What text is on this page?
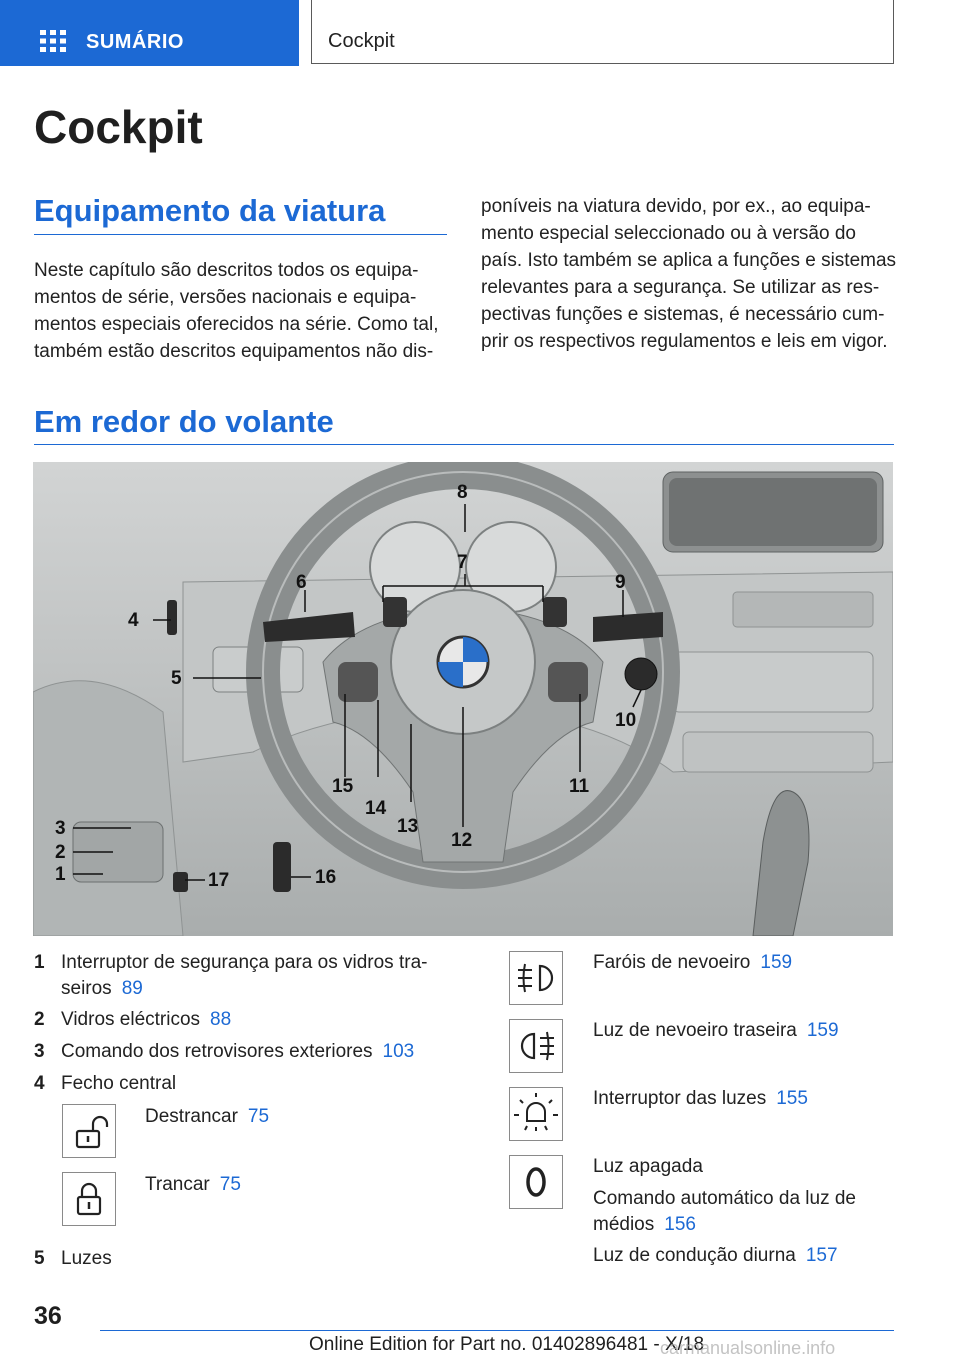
SUMÁRIO	Cockpit
Cockpit
Equipamento da viatura
Neste capítulo são descritos todos os equipa‐
mentos de série, versões nacionais e equipa‐
mentos especiais oferecidos na série. Como tal,
também estão descritos equipamentos não dis‐
poníveis na viatura devido, por ex., ao equipa‐
mento especial seleccionado ou à versão do
país. Isto também se aplica a funções e sistemas
relevantes para a segurança. Se utilizar as res‐
pectivas funções e sistemas, é necessário cum‐
prir os respectivos regulamentos e leis em vigor.
Em redor do volante
8
7
6	9
4
5
10
11
12
13
14
15
3
2
1	17	16
1 Interruptor de segurança para os vidros tra‐
seiros 89
2 Vidros eléctricos 88
3 Comando dos retrovisores exteriores 103
4 Fecho central
Destrancar 75
Trancar 75
5 Luzes
Faróis de nevoeiro 159
Luz de nevoeiro traseira 159
Interruptor das luzes 155
Luz apagada
Comando automático da luz de
médios 156
Luz de condução diurna 157
36
Online Edition for Part no. 01402896481 - X/18
carmanualsonline.info
